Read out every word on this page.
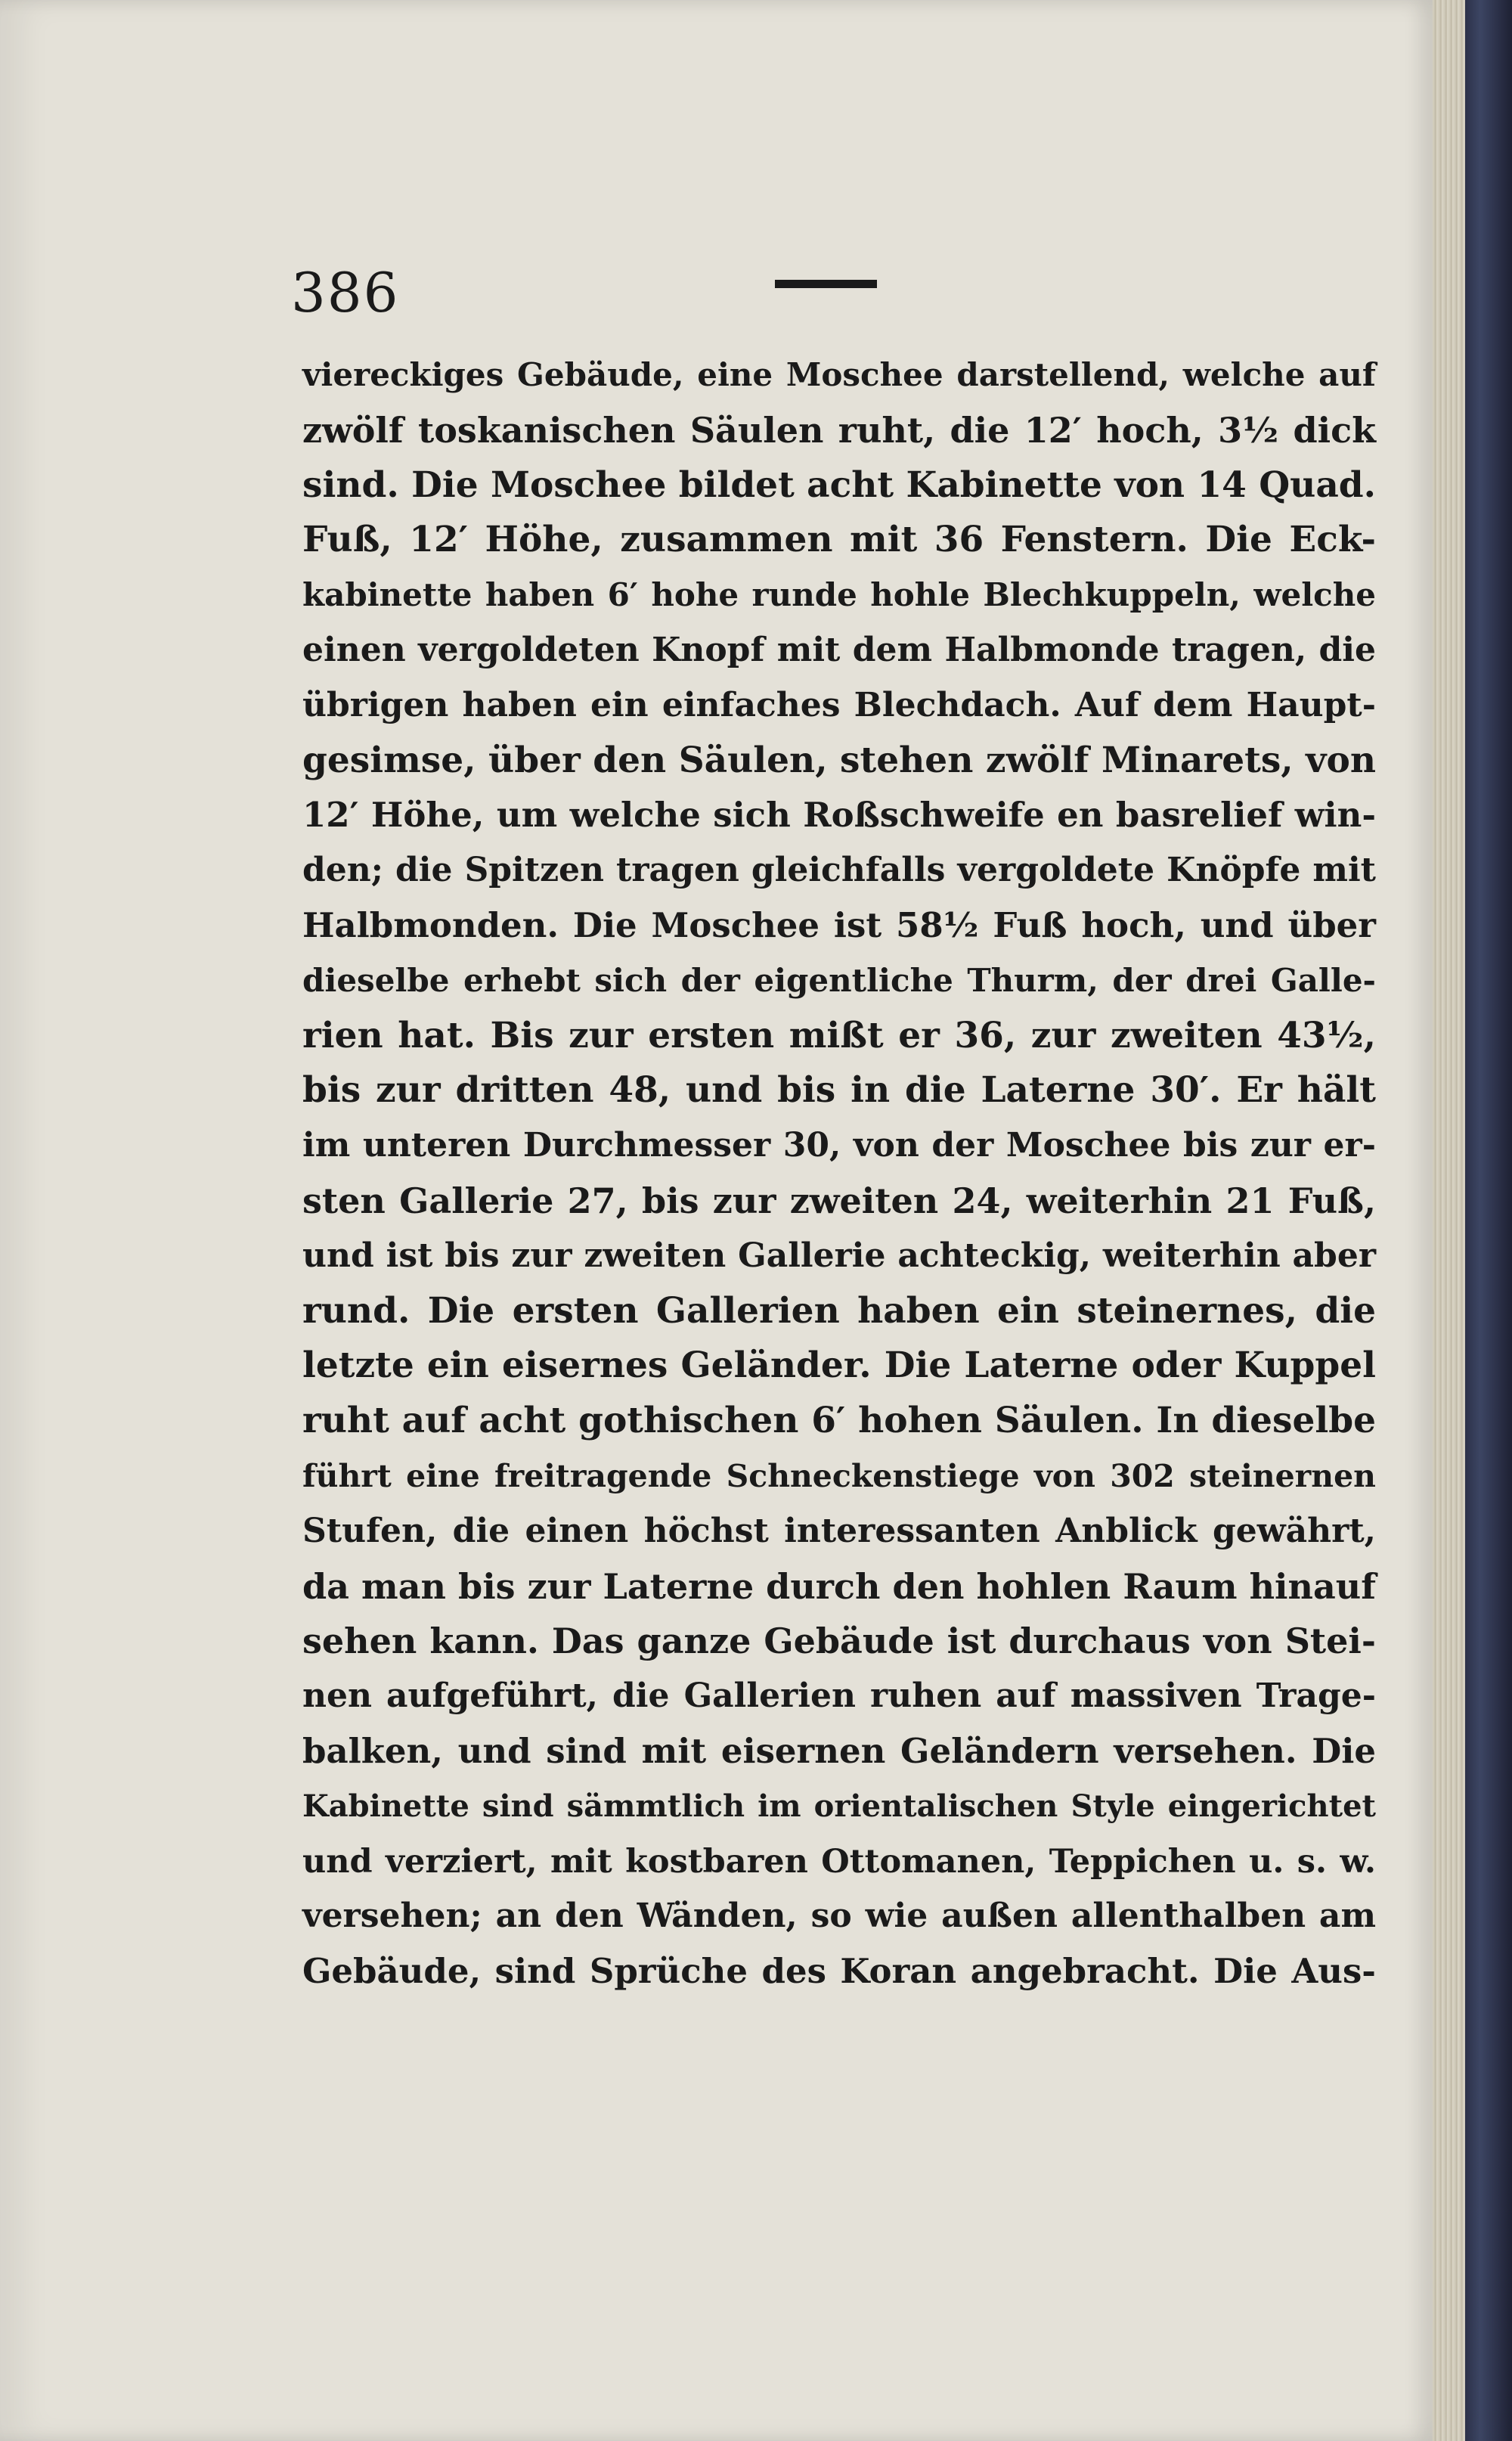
386
viereckiges Gebäude, eine Moschee darstellend, welche auf
zwölf toskanischen Säulen ruht, die 12′ hoch, 3½ dick
sind. Die Moschee bildet acht Kabinette von 14 Quad.
Fuß, 12′ Höhe, zusammen mit 36 Fenstern. Die Eck-
kabinette haben 6′ hohe runde hohle Blechkuppeln, welche
einen vergoldeten Knopf mit dem Halbmonde tragen, die
übrigen haben ein einfaches Blechdach. Auf dem Haupt-
gesimse, über den Säulen, stehen zwölf Minarets, von
12′ Höhe, um welche sich Roßschweife en basrelief win-
den; die Spitzen tragen gleichfalls vergoldete Knöpfe mit
Halbmonden. Die Moschee ist 58½ Fuß hoch, und über
dieselbe erhebt sich der eigentliche Thurm, der drei Galle-
rien hat. Bis zur ersten mißt er 36, zur zweiten 43½,
bis zur dritten 48, und bis in die Laterne 30′. Er hält
im unteren Durchmesser 30, von der Moschee bis zur er-
sten Gallerie 27, bis zur zweiten 24, weiterhin 21 Fuß,
und ist bis zur zweiten Gallerie achteckig, weiterhin aber
rund. Die ersten Gallerien haben ein steinernes, die
letzte ein eisernes Geländer. Die Laterne oder Kuppel
ruht auf acht gothischen 6′ hohen Säulen. In dieselbe
führt eine freitragende Schneckenstiege von 302 steinernen
Stufen, die einen höchst interessanten Anblick gewährt,
da man bis zur Laterne durch den hohlen Raum hinauf
sehen kann. Das ganze Gebäude ist durchaus von Stei-
nen aufgeführt, die Gallerien ruhen auf massiven Trage-
balken, und sind mit eisernen Geländern versehen. Die
Kabinette sind sämmtlich im orientalischen Style eingerichtet
und verziert, mit kostbaren Ottomanen, Teppichen u. s. w.
versehen; an den Wänden, so wie außen allenthalben am
Gebäude, sind Sprüche des Koran angebracht. Die Aus-
